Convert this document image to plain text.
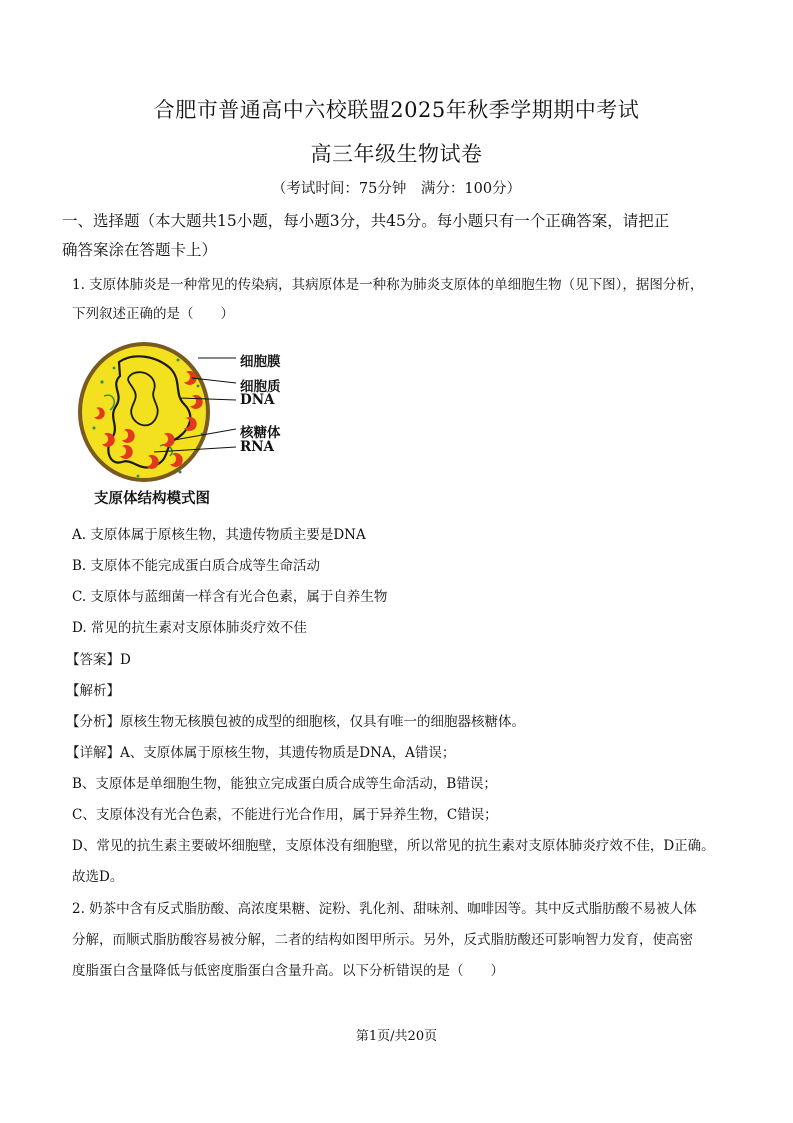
合肥市普通高中六校联盟2025年秋季学期期中考试
高三年级生物试卷
（考试时间：75分钟　满分：100分）
一、选择题（本大题共15小题，每小题3分，共45分。每小题只有一个正确答案，请把正
确答案涂在答题卡上）
1. 支原体肺炎是一种常见的传染病，其病原体是一种称为肺炎支原体的单细胞生物（见下图），据图分析，
下列叙述正确的是（　　）
细胞膜
细胞质
DNA
核糖体
RNA
支原体结构模式图
A. 支原体属于原核生物，其遗传物质主要是DNA
B. 支原体不能完成蛋白质合成等生命活动
C. 支原体与蓝细菌一样含有光合色素，属于自养生物
D. 常见的抗生素对支原体肺炎疗效不佳
【答案】D
【解析】
【分析】原核生物无核膜包被的成型的细胞核，仅具有唯一的细胞器核糖体。
【详解】A、支原体属于原核生物，其遗传物质是DNA，A错误；
B、支原体是单细胞生物，能独立完成蛋白质合成等生命活动，B错误；
C、支原体没有光合色素，不能进行光合作用，属于异养生物，C错误；
D、常见的抗生素主要破坏细胞壁，支原体没有细胞壁，所以常见的抗生素对支原体肺炎疗效不佳，D正确。
故选D。
2. 奶茶中含有反式脂肪酸、高浓度果糖、淀粉、乳化剂、甜味剂、咖啡因等。其中反式脂肪酸不易被人体
分解，而顺式脂肪酸容易被分解，二者的结构如图甲所示。另外，反式脂肪酸还可影响智力发育，使高密
度脂蛋白含量降低与低密度脂蛋白含量升高。以下分析错误的是（　　）
第1页/共20页
